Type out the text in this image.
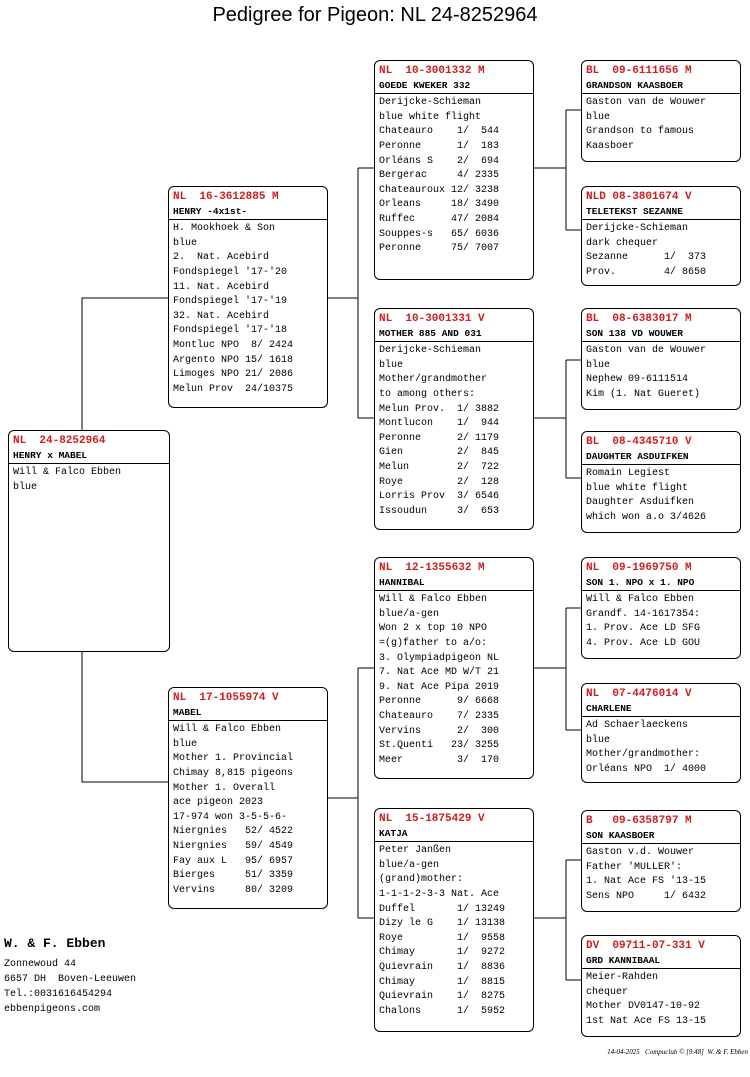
Pedigree for Pigeon: NL 24-8252964
NL  24-8252964
HENRY x MABEL
Will & Falco Ebben
blue
NL  16-3612885 M
HENRY -4x1st-
H. Mookhoek & Son
blue
2.  Nat. Acebird
Fondspiegel '17-'20
11. Nat. Acebird
Fondspiegel '17-'19
32. Nat. Acebird
Fondspiegel '17-'18
Montluc NPO  8/ 2424
Argento NPO 15/ 1618
Limoges NPO 21/ 2086
Melun Prov  24/10375
NL  17-1055974 V
MABEL
Will & Falco Ebben
blue
Mother 1. Provincial
Chimay 8,815 pigeons
Mother 1. Overall
ace pigeon 2023
17-974 won 3-5-5-6-
Niergnies   52/ 4522
Niergnies   59/ 4549
Fay aux L   95/ 6957
Bierges     51/ 3359
Vervins     80/ 3209
NL  10-3001332 M
GOEDE KWEKER 332
Derijcke-Schieman
blue white flight
Chateauro    1/  544
Peronne      1/  183
Orléans S    2/  694
Bergerac     4/ 2335
Chateauroux 12/ 3238
Orleans     18/ 3490
Ruffec      47/ 2084
Souppes-s   65/ 6036
Peronne     75/ 7007
NL  10-3001331 V
MOTHER 885 AND 031
Derijcke-Schieman
blue
Mother/grandmother
to among others:
Melun Prov.  1/ 3882
Montlucon    1/  944
Peronne      2/ 1179
Gien         2/  845
Melun        2/  722
Roye         2/  128
Lorris Prov  3/ 6546
Issoudun     3/  653
NL  12-1355632 M
HANNIBAL
Will & Falco Ebben
blue/a-gen
Won 2 x top 10 NPO
=(g)father to a/o:
3. Olympiadpigeon NL
7. Nat Ace MD W/T 21
9. Nat Ace Pipa 2019
Peronne      9/ 6668
Chateauro    7/ 2335
Vervins      2/  300
St.Quenti   23/ 3255
Meer         3/  170
NL  15-1875429 V
KATJA
Peter Janßen
blue/a-gen
(grand)mother:
1-1-1-2-3-3 Nat. Ace
Duffel       1/ 13249
Dizy le G    1/ 13138
Roye         1/  9558
Chimay       1/  9272
Quievrain    1/  8836
Chimay       1/  8815
Quievrain    1/  8275
Chalons      1/  5952
BL  09-6111656 M
GRANDSON KAASBOER
Gaston van de Wouwer
blue
Grandson to famous
Kaasboer
NLD 08-3801674 V
TELETEKST SEZANNE
Derijcke-Schieman
dark chequer
Sezanne      1/  373
Prov.        4/ 8650
BL  08-6383017 M
SON 138 VD WOUWER
Gaston van de Wouwer
blue
Nephew 09-6111514
Kim (1. Nat Gueret)
BL  08-4345710 V
DAUGHTER ASDUIFKEN
Romain Legiest
blue white flight
Daughter Asduifken
which won a.o 3/4626
NL  09-1969750 M
SON 1. NPO x 1. NPO
Will & Falco Ebben
Grandf. 14-1617354:
1. Prov. Ace LD SFG
4. Prov. Ace LD GOU
NL  07-4476014 V
CHARLENE
Ad Schaerlaeckens
blue
Mother/grandmother:
Orléans NPO  1/ 4000
B   09-6358797 M
SON KAASBOER
Gaston v.d. Wouwer
Father 'MULLER':
1. Nat Ace FS '13-15
Sens NPO     1/ 6432
DV  09711-07-331 V
GRD KANNIBAAL
Meier-Rahden
chequer
Mother DV0147-10-92
1st Nat Ace FS 13-15
W. & F. Ebben
Zonnewoud 44
6657 DH  Boven-Leeuwen
Tel.:0031616454294
ebbenpigeons.com
14-04-2025   Compuclub © [9.48]  W. & F. Ebben
